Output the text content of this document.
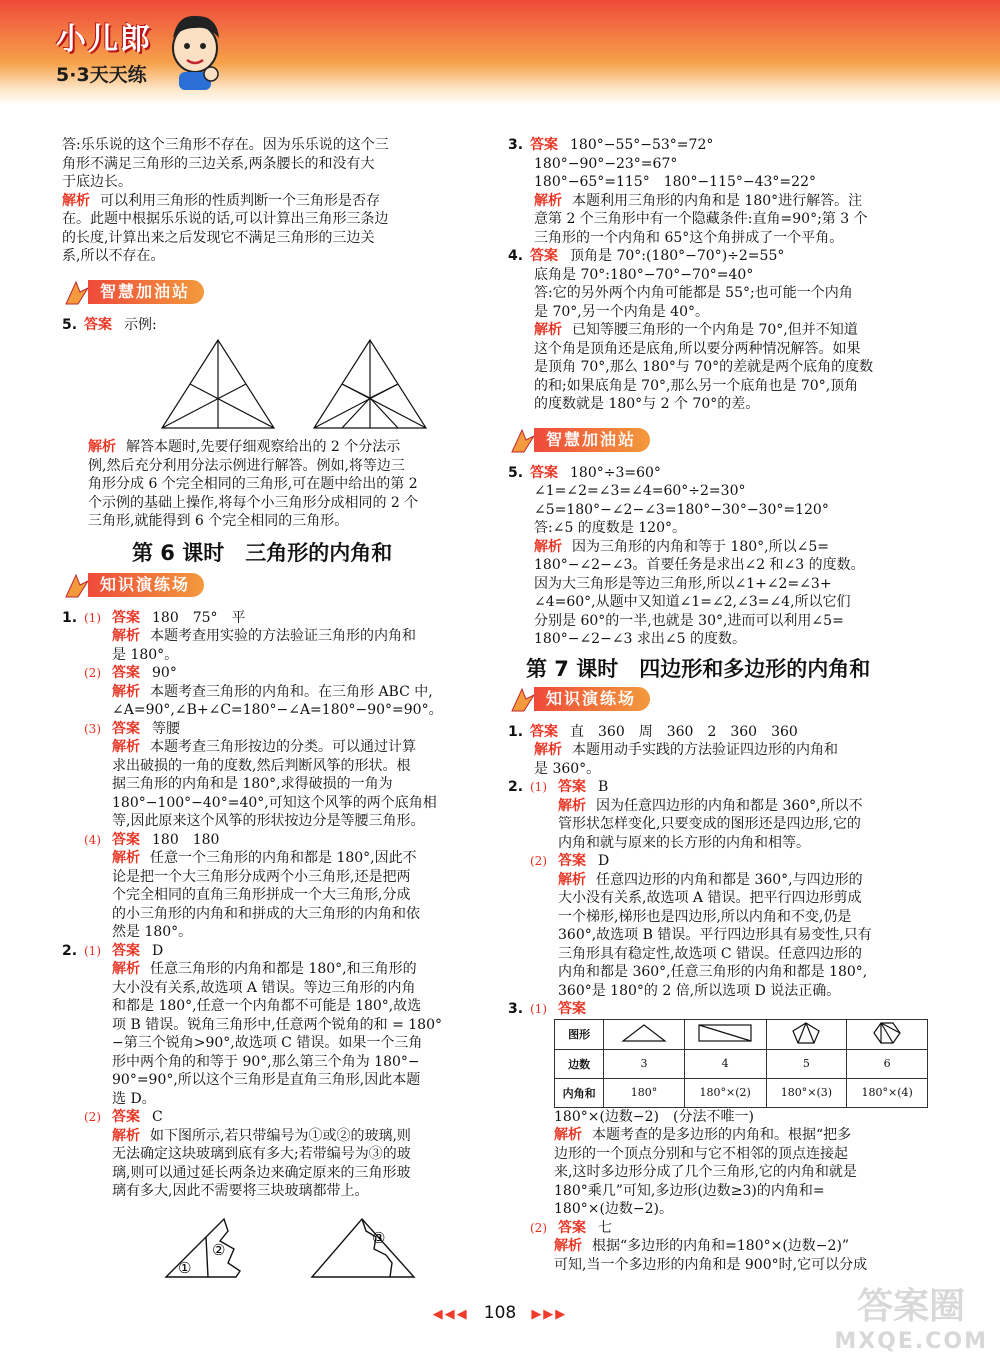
小儿郎
5·3天天练
答:乐乐说的这个三角形不存在。因为乐乐说的这个三
角形不满足三角形的三边关系,两条腰长的和没有大
于底边长。
解析 可以利用三角形的性质判断一个三角形是否存
在。此题中根据乐乐说的话,可以计算出三角形三条边
的长度,计算出来之后发现它不满足三角形的三边关
系,所以不存在。
智慧加油站
5. 答案 示例:
解析 解答本题时,先要仔细观察给出的 2 个分法示
例,然后充分利用分法示例进行解答。例如,将等边三
角形分成 6 个完全相同的三角形,可在题中给出的第 2
个示例的基础上操作,将每个小三角形分成相同的 2 个
三角形,就能得到 6 个完全相同的三角形。
第 6 课时　三角形的内角和
知识演练场
1. (1) 答案 180　75°　平
解析 本题考查用实验的方法验证三角形的内角和
是 180°。
(2) 答案 90°
解析 本题考查三角形的内角和。在三角形 ABC 中,
∠A=90°,∠B+∠C=180°−∠A=180°−90°=90°。
(3) 答案 等腰
解析 本题考查三角形按边的分类。可以通过计算
求出破损的一角的度数,然后判断风筝的形状。根
据三角形的内角和是 180°,求得破损的一角为
180°−100°−40°=40°,可知这个风筝的两个底角相
等,因此原来这个风筝的形状按边分是等腰三角形。
(4) 答案 180　180
解析 任意一个三角形的内角和都是 180°,因此不
论是把一个大三角形分成两个小三角形,还是把两
个完全相同的直角三角形拼成一个大三角形,分成
的小三角形的内角和和拼成的大三角形的内角和依
然是 180°。
2. (1) 答案 D
解析 任意三角形的内角和都是 180°,和三角形的
大小没有关系,故选项 A 错误。等边三角形的内角
和都是 180°,任意一个内角都不可能是 180°,故选
项 B 错误。锐角三角形中,任意两个锐角的和 = 180°
−第三个锐角>90°,故选项 C 错误。如果一个三角
形中两个角的和等于 90°,那么第三个角为 180°−
90°=90°,所以这个三角形是直角三角形,因此本题
选 D。
(2) 答案 C
解析 如下图所示,若只带编号为①或②的玻璃,则
无法确定这块玻璃到底有多大;若带编号为③的玻
璃,则可以通过延长两条边来确定原来的三角形玻
璃有多大,因此不需要将三块玻璃都带上。
①
②
③
3. 答案 180°−55°−53°=72°
180°−90°−23°=67°
180°−65°=115°　180°−115°−43°=22°
解析 本题利用三角形的内角和是 180°进行解答。注
意第 2 个三角形中有一个隐藏条件:直角=90°;第 3 个
三角形的一个内角和 65°这个角拼成了一个平角。
4. 答案 顶角是 70°:(180°−70°)÷2=55°
底角是 70°:180°−70°−70°=40°
答:它的另外两个内角可能都是 55°;也可能一个内角
是 70°,另一个内角是 40°。
解析 已知等腰三角形的一个内角是 70°,但并不知道
这个角是顶角还是底角,所以要分两种情况解答。如果
是顶角 70°,那么 180°与 70°的差就是两个底角的度数
的和;如果底角是 70°,那么另一个底角也是 70°,顶角
的度数就是 180°与 2 个 70°的差。
智慧加油站
5. 答案 180°÷3=60°
∠1=∠2=∠3=∠4=60°÷2=30°
∠5=180°−∠2−∠3=180°−30°−30°=120°
答:∠5 的度数是 120°。
解析 因为三角形的内角和等于 180°,所以∠5=
180°−∠2−∠3。首要任务是求出∠2 和∠3 的度数。
因为大三角形是等边三角形,所以∠1+∠2=∠3+
∠4=60°,从题中又知道∠1=∠2,∠3=∠4,所以它们
分别是 60°的一半,也就是 30°,进而可以利用∠5=
180°−∠2−∠3 求出∠5 的度数。
第 7 课时　四边形和多边形的内角和
知识演练场
1. 答案 直　360　周　360　2　360　360
解析 本题用动手实践的方法验证四边形的内角和
是 360°。
2. (1) 答案 B
解析 因为任意四边形的内角和都是 360°,所以不
管形状怎样变化,只要变成的图形还是四边形,它的
内角和就与原来的长方形的内角和相等。
(2) 答案 D
解析 任意四边形的内角和都是 360°,与四边形的
大小没有关系,故选项 A 错误。把平行四边形剪成
一个梯形,梯形也是四边形,所以内角和不变,仍是
360°,故选项 B 错误。平行四边形具有易变性,只有
三角形具有稳定性,故选项 C 错误。任意四边形的
内角和都是 360°,任意三角形的内角和都是 180°,
360°是 180°的 2 倍,所以选项 D 说法正确。
3. (1) 答案
图形				
边数	3	4	5	6
内角和	180°	180°×(2)	180°×(3)	180°×(4)
180°×(边数−2)　(分法不唯一)
解析 本题考查的是多边形的内角和。根据“把多
边形的一个顶点分别和与它不相邻的顶点连接起
来,这时多边形分成了几个三角形,它的内角和就是
180°乘几”可知,多边形(边数≥3)的内角和=
180°×(边数−2)。
(2) 答案 七
解析 根据“多边形的内角和=180°×(边数−2)”
可知,当一个多边形的内角和是 900°时,它可以分成
◀◀◀ 108 ▶▶▶	答案圈
MXQE.COM
